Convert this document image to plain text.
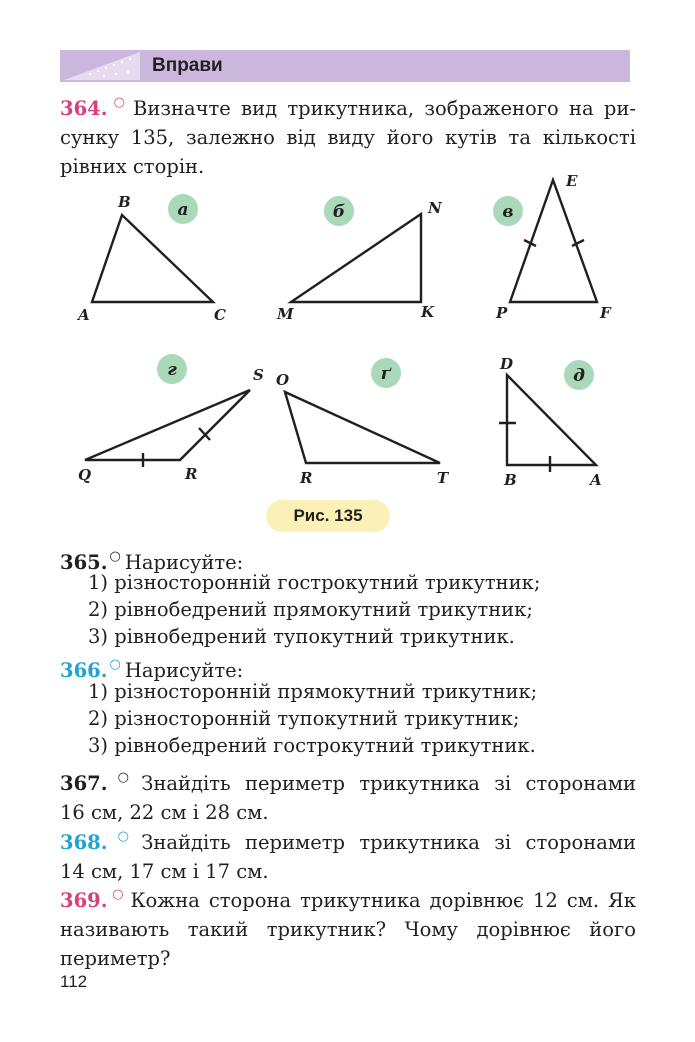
Вправи
364. ○ Визначте вид трикутника, зображеного на ри-
сунку 135, залежно від виду його кутів та кількості
рівних сторін.
а	б	в
г	ґ	д
B
A	C
N
M	K
E
P	F
S
Q	R
O
R	T
D
B	A
Рис. 135
365. ○ Нарисуйте:
1) різносторонній гострокутний трикутник;
2) рівнобедрений прямокутний трикутник;
3) рівнобедрений тупокутний трикутник.
366. ○ Нарисуйте:
1) різносторонній прямокутний трикутник;
2) різносторонній тупокутний трикутник;
3) рівнобедрений гострокутний трикутник.
367. ○ Знайдіть периметр трикутника зі сторонами
16 см, 22 см і 28 см.
368. ○ Знайдіть периметр трикутника зі сторонами
14 см, 17 см і 17 см.
369. ○ Кожна сторона трикутника дорівнює 12 см. Як
називають такий трикутник? Чому дорівнює його
периметр?
112
